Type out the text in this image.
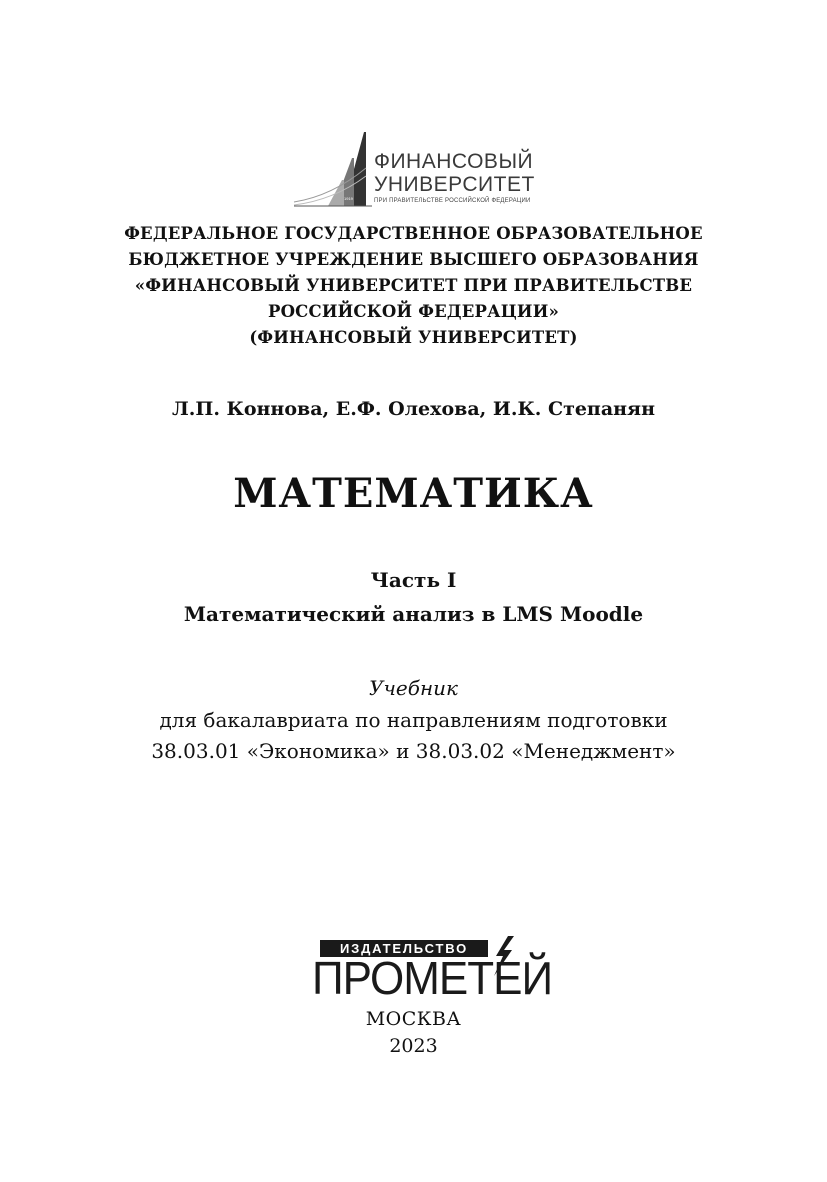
1919
ФИНАНСОВЫЙ
УНИВЕРСИТЕТ
ПРИ ПРАВИТЕЛЬСТВЕ РОССИЙСКОЙ ФЕДЕРАЦИИ
ФЕДЕРАЛЬНОЕ ГОСУДАРСТВЕННОЕ ОБРАЗОВАТЕЛЬНОЕ
БЮДЖЕТНОЕ УЧРЕЖДЕНИЕ ВЫСШЕГО ОБРАЗОВАНИЯ
«ФИНАНСОВЫЙ УНИВЕРСИТЕТ ПРИ ПРАВИТЕЛЬСТВЕ
РОССИЙСКОЙ ФЕДЕРАЦИИ»
(ФИНАНСОВЫЙ УНИВЕРСИТЕТ)
Л.П. Коннова, Е.Ф. Олехова, И.К. Степанян
МАТЕМАТИКА
Часть I
Математический анализ в LMS Moodle
Учебник
для бакалавриата по направлениям подготовки
38.03.01 «Экономика» и 38.03.02 «Менеджмент»
ИЗДАТЕЛЬСТВО
ПРОМЕТЕЙ
МОСКВА
2023
